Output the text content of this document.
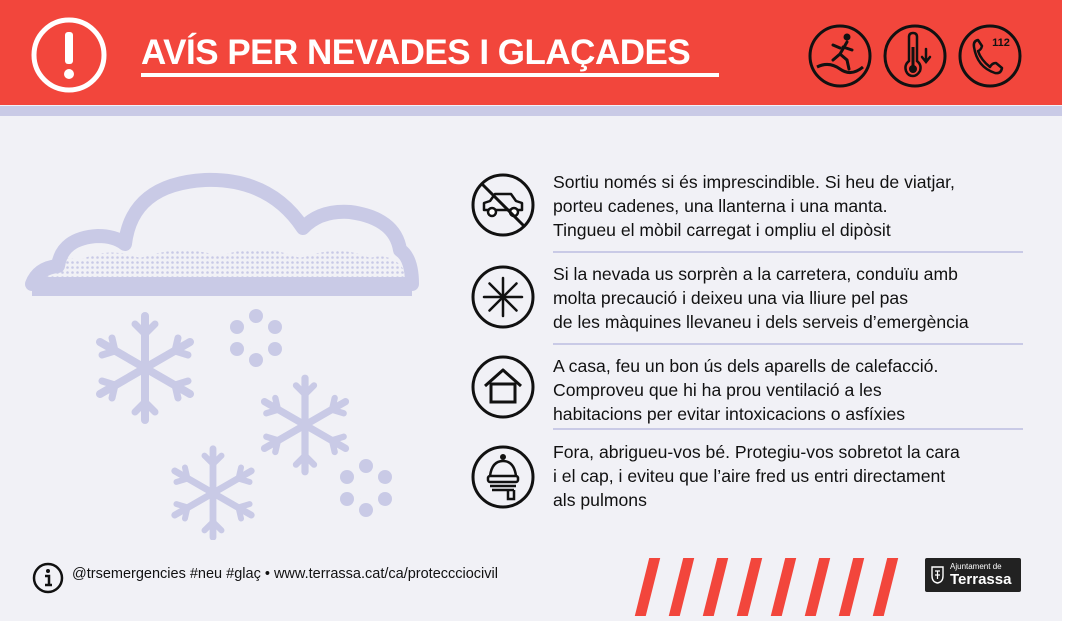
AVÍS PER NEVADES I GLAÇADES	112
Sortiu només si és imprescindible. Si heu de viatjar,
porteu cadenes, una llanterna i una manta.
Tingueu el mòbil carregat i ompliu el dipòsit
Si la nevada us sorprèn a la carretera, conduïu amb
molta precaució i deixeu una via lliure pel pas
de les màquines llevaneu i dels serveis d’emergència
A casa, feu un bon ús dels aparells de calefacció.
Comproveu que hi ha prou ventilació a les
habitacions per evitar intoxicacions o asfíxies
Fora, abrigueu-vos bé. Protegiu-vos sobretot la cara
i el cap, i eviteu que l’aire fred us entri directament
als pulmons
@trsemergencies #neu #glaç • www.terrassa.cat/ca/proteccciocivil	Ajuntament de
Terrassa
